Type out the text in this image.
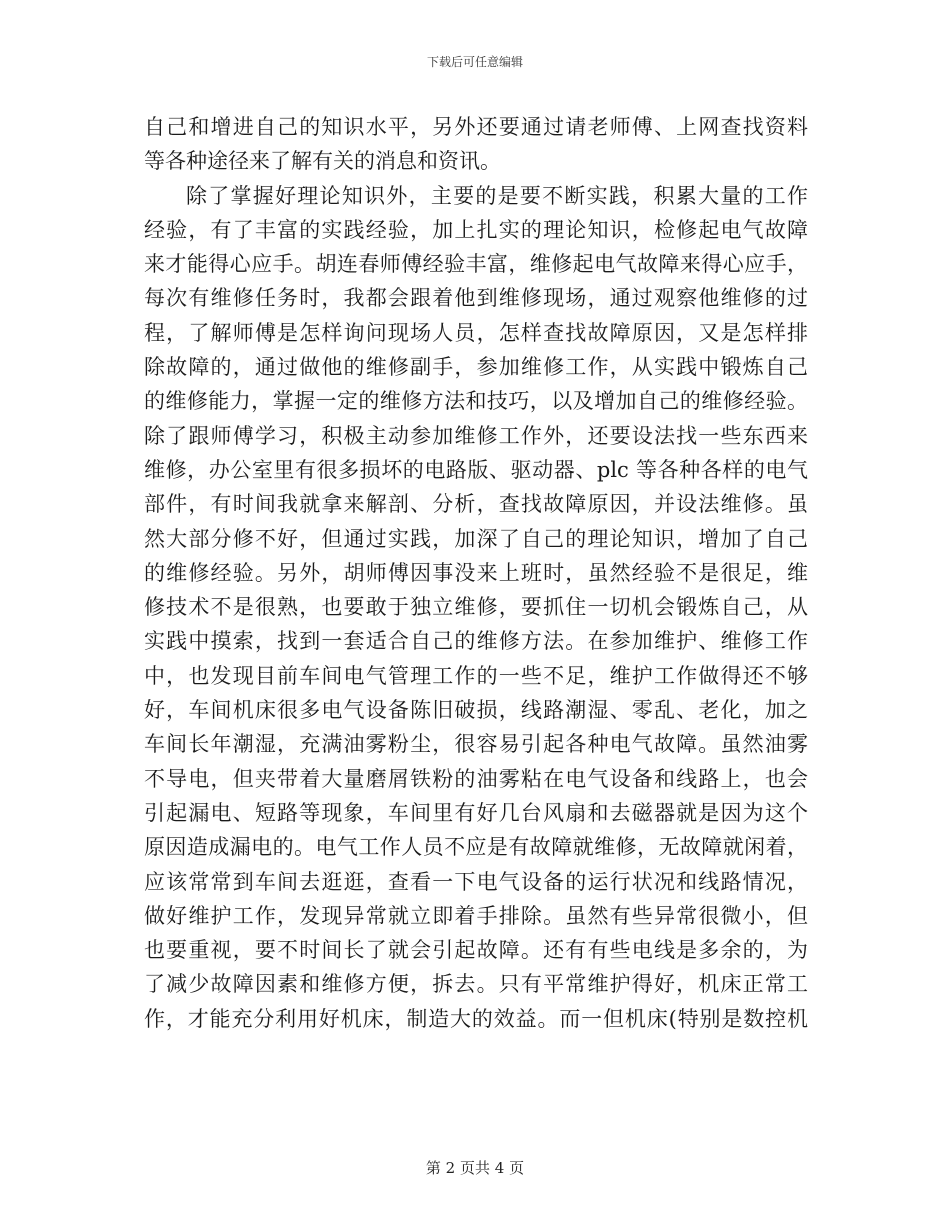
下载后可任意编辑
自己和增进自己的知识水平，另外还要通过请老师傅、上网查找资料
等各种途径来了解有关的消息和资讯。
除了掌握好理论知识外，主要的是要不断实践，积累大量的工作
经验，有了丰富的实践经验，加上扎实的理论知识，检修起电气故障
来才能得心应手。胡连春师傅经验丰富，维修起电气故障来得心应手，
每次有维修任务时，我都会跟着他到维修现场，通过观察他维修的过
程，了解师傅是怎样询问现场人员，怎样查找故障原因，又是怎样排
除故障的，通过做他的维修副手，参加维修工作，从实践中锻炼自己
的维修能力，掌握一定的维修方法和技巧，以及增加自己的维修经验。
除了跟师傅学习，积极主动参加维修工作外，还要设法找一些东西来
维修，办公室里有很多损坏的电路版、驱动器、plc 等各种各样的电气
部件，有时间我就拿来解剖、分析，查找故障原因，并设法维修。虽
然大部分修不好，但通过实践，加深了自己的理论知识，增加了自己
的维修经验。另外，胡师傅因事没来上班时，虽然经验不是很足，维
修技术不是很熟，也要敢于独立维修，要抓住一切机会锻炼自己，从
实践中摸索，找到一套适合自己的维修方法。在参加维护、维修工作
中，也发现目前车间电气管理工作的一些不足，维护工作做得还不够
好，车间机床很多电气设备陈旧破损，线路潮湿、零乱、老化，加之
车间长年潮湿，充满油雾粉尘，很容易引起各种电气故障。虽然油雾
不导电，但夹带着大量磨屑铁粉的油雾粘在电气设备和线路上，也会
引起漏电、短路等现象，车间里有好几台风扇和去磁器就是因为这个
原因造成漏电的。电气工作人员不应是有故障就维修，无故障就闲着，
应该常常到车间去逛逛，查看一下电气设备的运行状况和线路情况，
做好维护工作，发现异常就立即着手排除。虽然有些异常很微小，但
也要重视，要不时间长了就会引起故障。还有有些电线是多余的，为
了减少故障因素和维修方便，拆去。只有平常维护得好，机床正常工
作，才能充分利用好机床，制造大的效益。而一但机床(特别是数控机
第 2 页共 4 页
